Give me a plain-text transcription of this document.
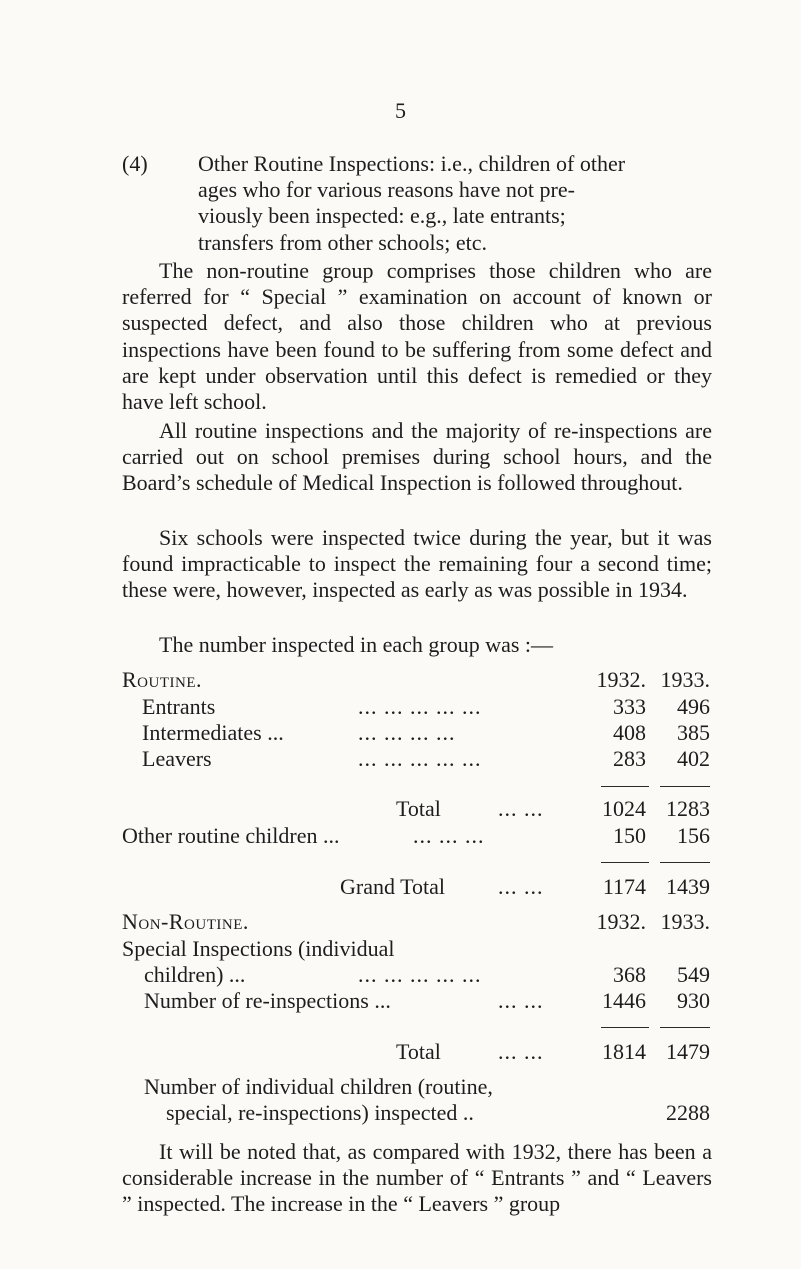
5
(4)	Other Routine Inspections: i.e., children of other
ages who for various reasons have not pre-
viously been inspected: e.g., late entrants;
transfers from other schools; etc.

The non-routine group comprises those children who are referred for “ Special ” examination on account of known or suspected defect, and also those children who at previous inspections have been found to be suffering from some defect and are kept under observation until this defect is remedied or they have left school.

All routine inspections and the majority of re-inspections are carried out on school premises during school hours, and the Board’s schedule of Medical Inspection is followed throughout.

Six schools were inspected twice during the year, but it was found impracticable to inspect the remaining four a second time; these were, however, inspected as early as was possible in 1934.

The number inspected in each group was :—

Routine.	1932. 1933.
Entrants	... ... ... ... ...	333	496
Intermediates ...	... ... ... ...	408	385
Leavers	... ... ... ... ...	283	402
Total	... ...	1024 1283
Other routine children ...	... ... ...	150	156
Grand Total ... ...	1174 1439
Non-Routine.	1932. 1933.
Special Inspections (individual
children) ...	... ... ... ... ...	368	549
Number of re-inspections ...	... ...	1446	930
Total	... ...	1814 1479
Number of individual children (routine,
special, re-inspections) inspected ..	2288

It will be noted that, as compared with 1932, there has been a considerable increase in the number of “ Entrants ” and “ Leavers ” inspected. The increase in the “ Leavers ” group
